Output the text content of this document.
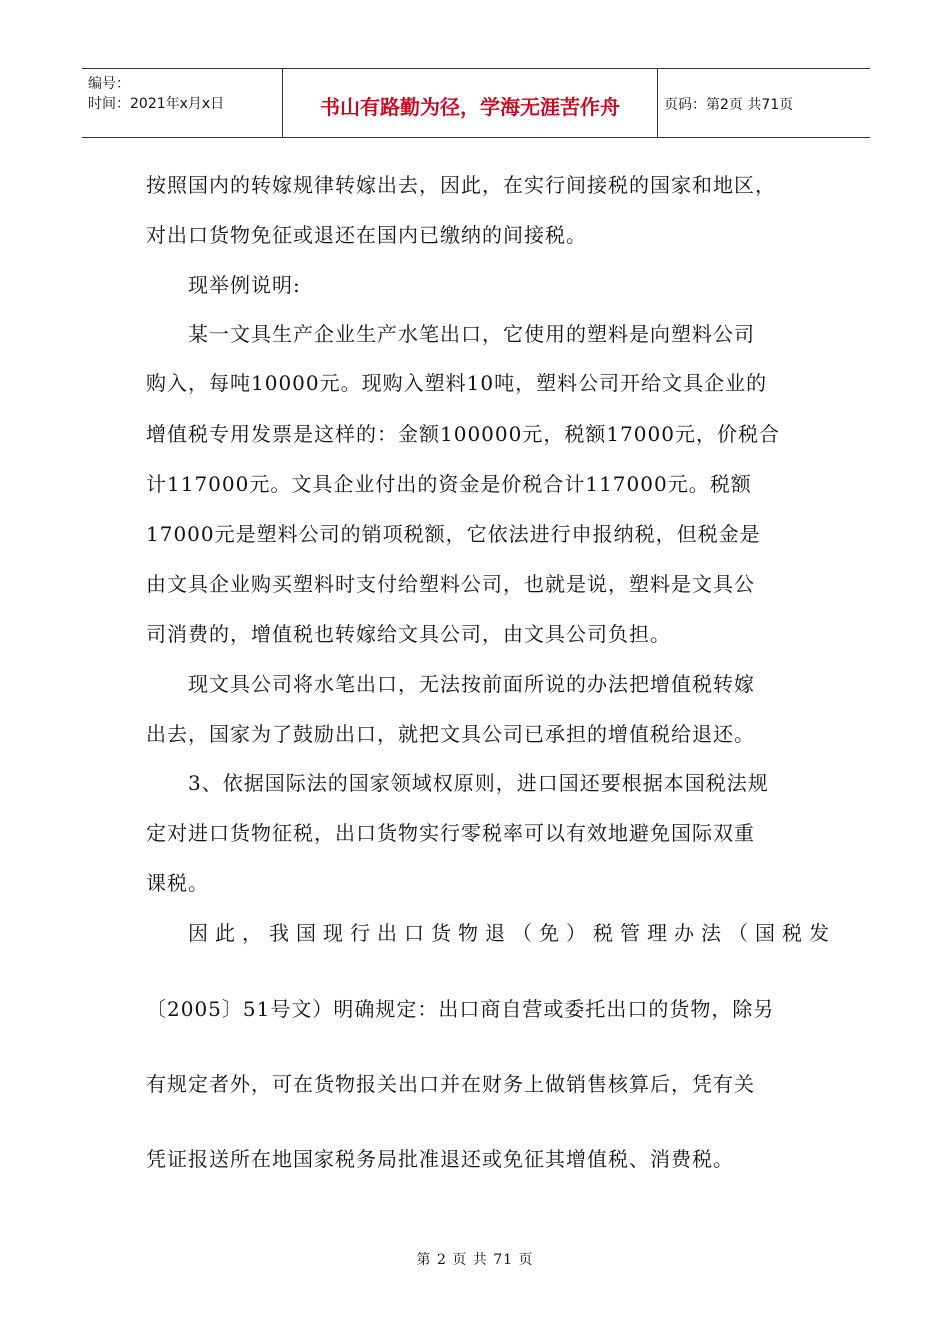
编号：
时间：2021年x月x日	书山有路勤为径，学海无涯苦作舟	页码：第2页 共71页
按照国内的转嫁规律转嫁出去，因此，在实行间接税的国家和地区，
对出口货物免征或退还在国内已缴纳的间接税。
现举例说明:
某一文具生产企业生产水笔出口，它使用的塑料是向塑料公司
购入，每吨10000元。现购入塑料10吨，塑料公司开给文具企业的
增值税专用发票是这样的：金额100000元，税额17000元，价税合
计117000元。文具企业付出的资金是价税合计117000元。税额
17000元是塑料公司的销项税额，它依法进行申报纳税，但税金是
由文具企业购买塑料时支付给塑料公司，也就是说，塑料是文具公
司消费的，增值税也转嫁给文具公司，由文具公司负担。
现文具公司将水笔出口，无法按前面所说的办法把增值税转嫁
出去，国家为了鼓励出口，就把文具公司已承担的增值税给退还。
3、依据国际法的国家领域权原则，进口国还要根据本国税法规
定对进口货物征税，出口货物实行零税率可以有效地避免国际双重
课税。
因此，我国现行出口货物退（免）税管理办法（国税发
〔2005〕51号文）明确规定：出口商自营或委托出口的货物，除另
有规定者外，可在货物报关出口并在财务上做销售核算后，凭有关
凭证报送所在地国家税务局批准退还或免征其增值税、消费税。
第 2 页 共 71 页
